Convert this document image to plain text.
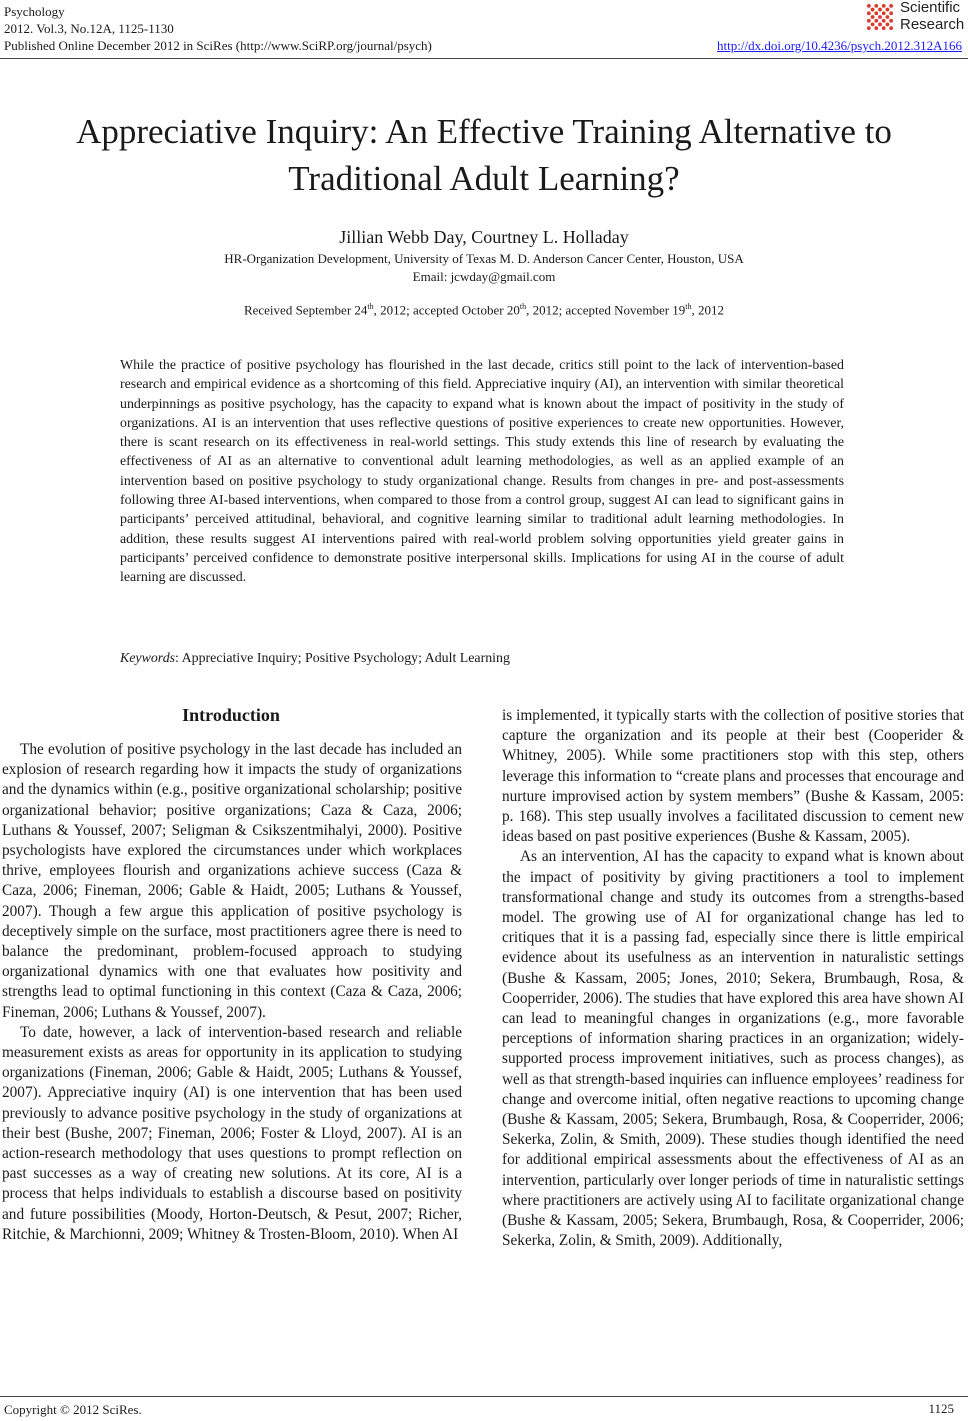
Psychology
2012. Vol.3, No.12A, 1125-1130
Published Online December 2012 in SciRes (http://www.SciRP.org/journal/psych)	http://dx.doi.org/10.4236/psych.2012.312A166
Scientific
Research
Appreciative Inquiry: An Effective Training Alternative to Traditional Adult Learning?
Jillian Webb Day, Courtney L. Holladay
HR-Organization Development, University of Texas M. D. Anderson Cancer Center, Houston, USA
Email: jcwday@gmail.com
Received September 24th, 2012; accepted October 20th, 2012; accepted November 19th, 2012
While the practice of positive psychology has flourished in the last decade, critics still point to the lack of intervention-based research and empirical evidence as a shortcoming of this field. Appreciative inquiry (AI), an intervention with similar theoretical underpinnings as positive psychology, has the capacity to expand what is known about the impact of positivity in the study of organizations. AI is an intervention that uses reflective questions of positive experiences to create new opportunities. However, there is scant research on its effectiveness in real-world settings. This study extends this line of research by evaluating the effectiveness of AI as an alternative to conventional adult learning methodologies, as well as an applied example of an intervention based on positive psychology to study organizational change. Results from changes in pre- and post-assessments following three AI-based interventions, when compared to those from a control group, suggest AI can lead to significant gains in participants’ perceived attitudinal, behavioral, and cognitive learning similar to traditional adult learning methodologies. In addition, these results suggest AI interventions paired with real-world problem solving opportunities yield greater gains in participants’ perceived confidence to demonstrate positive interpersonal skills. Implications for using AI in the course of adult learning are discussed.
Keywords: Appreciative Inquiry; Positive Psychology; Adult Learning
Introduction

The evolution of positive psychology in the last decade has included an explosion of research regarding how it impacts the study of organizations and the dynamics within (e.g., positive organizational scholarship; positive organizational behavior; positive organizations; Caza & Caza, 2006; Luthans & Youssef, 2007; Seligman & Csikszentmihalyi, 2000). Positive psychologists have explored the circumstances under which workplaces thrive, employees flourish and organizations achieve success (Caza & Caza, 2006; Fineman, 2006; Gable & Haidt, 2005; Luthans & Youssef, 2007). Though a few argue this application of positive psychology is deceptively simple on the surface, most practitioners agree there is need to balance the predominant, problem-focused approach to studying organizational dynamics with one that evaluates how positivity and strengths lead to optimal functioning in this context (Caza & Caza, 2006; Fineman, 2006; Luthans & Youssef, 2007).

To date, however, a lack of intervention-based research and reliable measurement exists as areas for opportunity in its application to studying organizations (Fineman, 2006; Gable & Haidt, 2005; Luthans & Youssef, 2007). Appreciative inquiry (AI) is one intervention that has been used previously to advance positive psychology in the study of organizations at their best (Bushe, 2007; Fineman, 2006; Foster & Lloyd, 2007). AI is an action-research methodology that uses questions to prompt reflection on past successes as a way of creating new solutions. At its core, AI is a process that helps individuals to establish a discourse based on positivity and future possibilities (Moody, Horton-Deutsch, & Pesut, 2007; Richer, Ritchie, & Marchionni, 2009; Whitney & Trosten-Bloom, 2010). When AI

is implemented, it typically starts with the collection of positive stories that capture the organization and its people at their best (Cooperider & Whitney, 2005). While some practitioners stop with this step, others leverage this information to “create plans and processes that encourage and nurture improvised action by system members” (Bushe & Kassam, 2005: p. 168). This step usually involves a facilitated discussion to cement new ideas based on past positive experiences (Bushe & Kassam, 2005).

As an intervention, AI has the capacity to expand what is known about the impact of positivity by giving practitioners a tool to implement transformational change and study its outcomes from a strengths-based model. The growing use of AI for organizational change has led to critiques that it is a passing fad, especially since there is little empirical evidence about its usefulness as an intervention in naturalistic settings (Bushe & Kassam, 2005; Jones, 2010; Sekera, Brumbaugh, Rosa, & Cooperrider, 2006). The studies that have explored this area have shown AI can lead to meaningful changes in organizations (e.g., more favorable perceptions of information sharing practices in an organization; widely-supported process improvement initiatives, such as process changes), as well as that strength-based inquiries can influence employees’ readiness for change and overcome initial, often negative reactions to upcoming change (Bushe & Kassam, 2005; Sekera, Brumbaugh, Rosa, & Cooperrider, 2006; Sekerka, Zolin, & Smith, 2009). These studies though identified the need for additional empirical assessments about the effectiveness of AI as an intervention, particularly over longer periods of time in naturalistic settings where practitioners are actively using AI to facilitate organizational change (Bushe & Kassam, 2005; Sekera, Brumbaugh, Rosa, & Cooperrider, 2006; Sekerka, Zolin, & Smith, 2009). Additionally,

Copyright © 2012 SciRes.	1125
